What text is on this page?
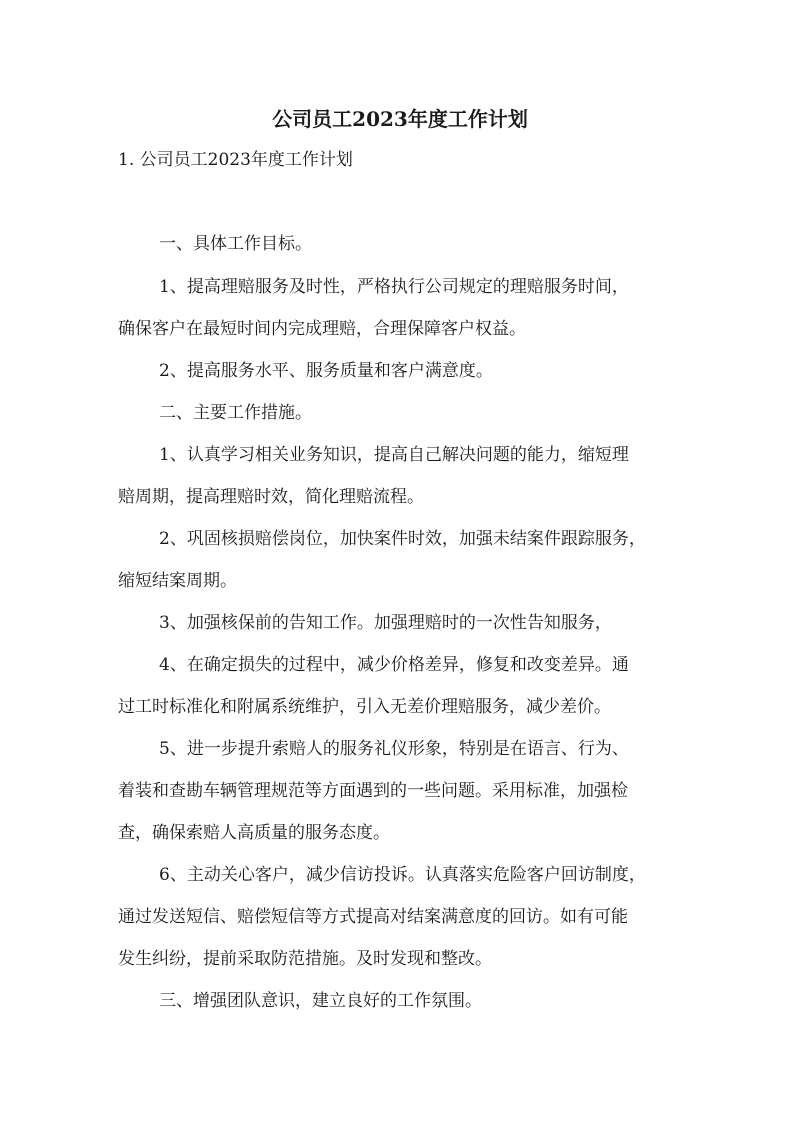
公司员工2023年度工作计划
1. 公司员工2023年度工作计划
一、具体工作目标。
1、提高理赔服务及时性，严格执行公司规定的理赔服务时间，
确保客户在最短时间内完成理赔，合理保障客户权益。
2、提高服务水平、服务质量和客户满意度。
二、主要工作措施。
1、认真学习相关业务知识，提高自己解决问题的能力，缩短理
赔周期，提高理赔时效，简化理赔流程。
2、巩固核损赔偿岗位，加快案件时效，加强未结案件跟踪服务，
缩短结案周期。
3、加强核保前的告知工作。加强理赔时的一次性告知服务，
4、在确定损失的过程中，减少价格差异，修复和改变差异。通
过工时标准化和附属系统维护，引入无差价理赔服务，减少差价。
5、进一步提升索赔人的服务礼仪形象，特别是在语言、行为、
着装和查勘车辆管理规范等方面遇到的一些问题。采用标准，加强检
查，确保索赔人高质量的服务态度。
6、主动关心客户，减少信访投诉。认真落实危险客户回访制度，
通过发送短信、赔偿短信等方式提高对结案满意度的回访。如有可能
发生纠纷，提前采取防范措施。及时发现和整改。
三、增强团队意识，建立良好的工作氛围。
